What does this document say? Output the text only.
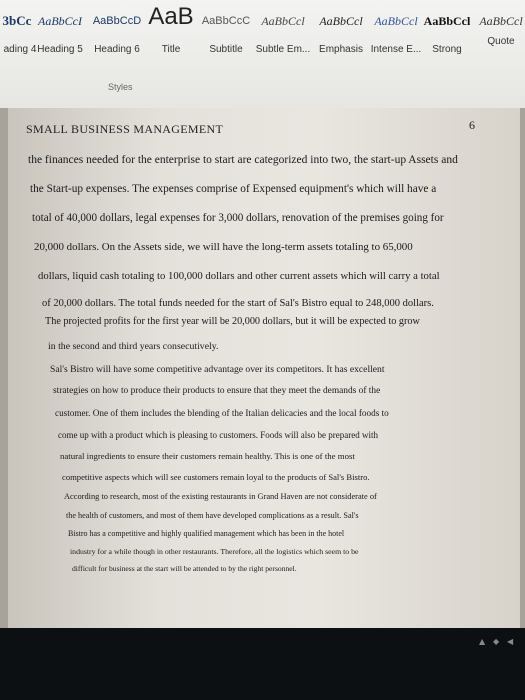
3bCc
ading 4
AaBbCcI
Heading 5
AaBbCcD
Heading 6
AaB
Title
AaBbCcC
Subtitle
AaBbCcl
Subtle Em...
AaBbCcl
Emphasis
AaBbCcl
Intense E...
AaBbCcl
Strong
AaBbCcl
Quote
Styles
SMALL BUSINESS MANAGEMENT	6
the finances needed for the enterprise to start are categorized into two, the start-up Assets and
the Start-up expenses. The expenses comprise of Expensed equipment's which will have a
total of 40,000 dollars, legal expenses for 3,000 dollars, renovation of the premises going for
20,000 dollars. On the Assets side, we will have the long-term assets totaling to 65,000
dollars, liquid cash totaling to 100,000 dollars and other current assets which will carry a total
of 20,000 dollars. The total funds needed for the start of Sal's Bistro equal to 248,000 dollars.
The projected profits for the first year will be 20,000 dollars, but it will be expected to grow
in the second and third years consecutively.
Sal's Bistro will have some competitive advantage over its competitors. It has excellent
strategies on how to produce their products to ensure that they meet the demands of the
customer. One of them includes the blending of the Italian delicacies and the local foods to
come up with a product which is pleasing to customers. Foods will also be prepared with
natural ingredients to ensure their customers remain healthy. This is one of the most
competitive aspects which will see customers remain loyal to the products of Sal's Bistro.
According to research, most of the existing restaurants in Grand Haven are not considerate of
the health of customers, and most of them have developed complications as a result. Sal's
Bistro has a competitive and highly qualified management which has been in the hotel
industry for a while though in other restaurants. Therefore, all the logistics which seem to be
difficult for business at the start will be attended to by the right personnel.
▲ ◆ ◀
